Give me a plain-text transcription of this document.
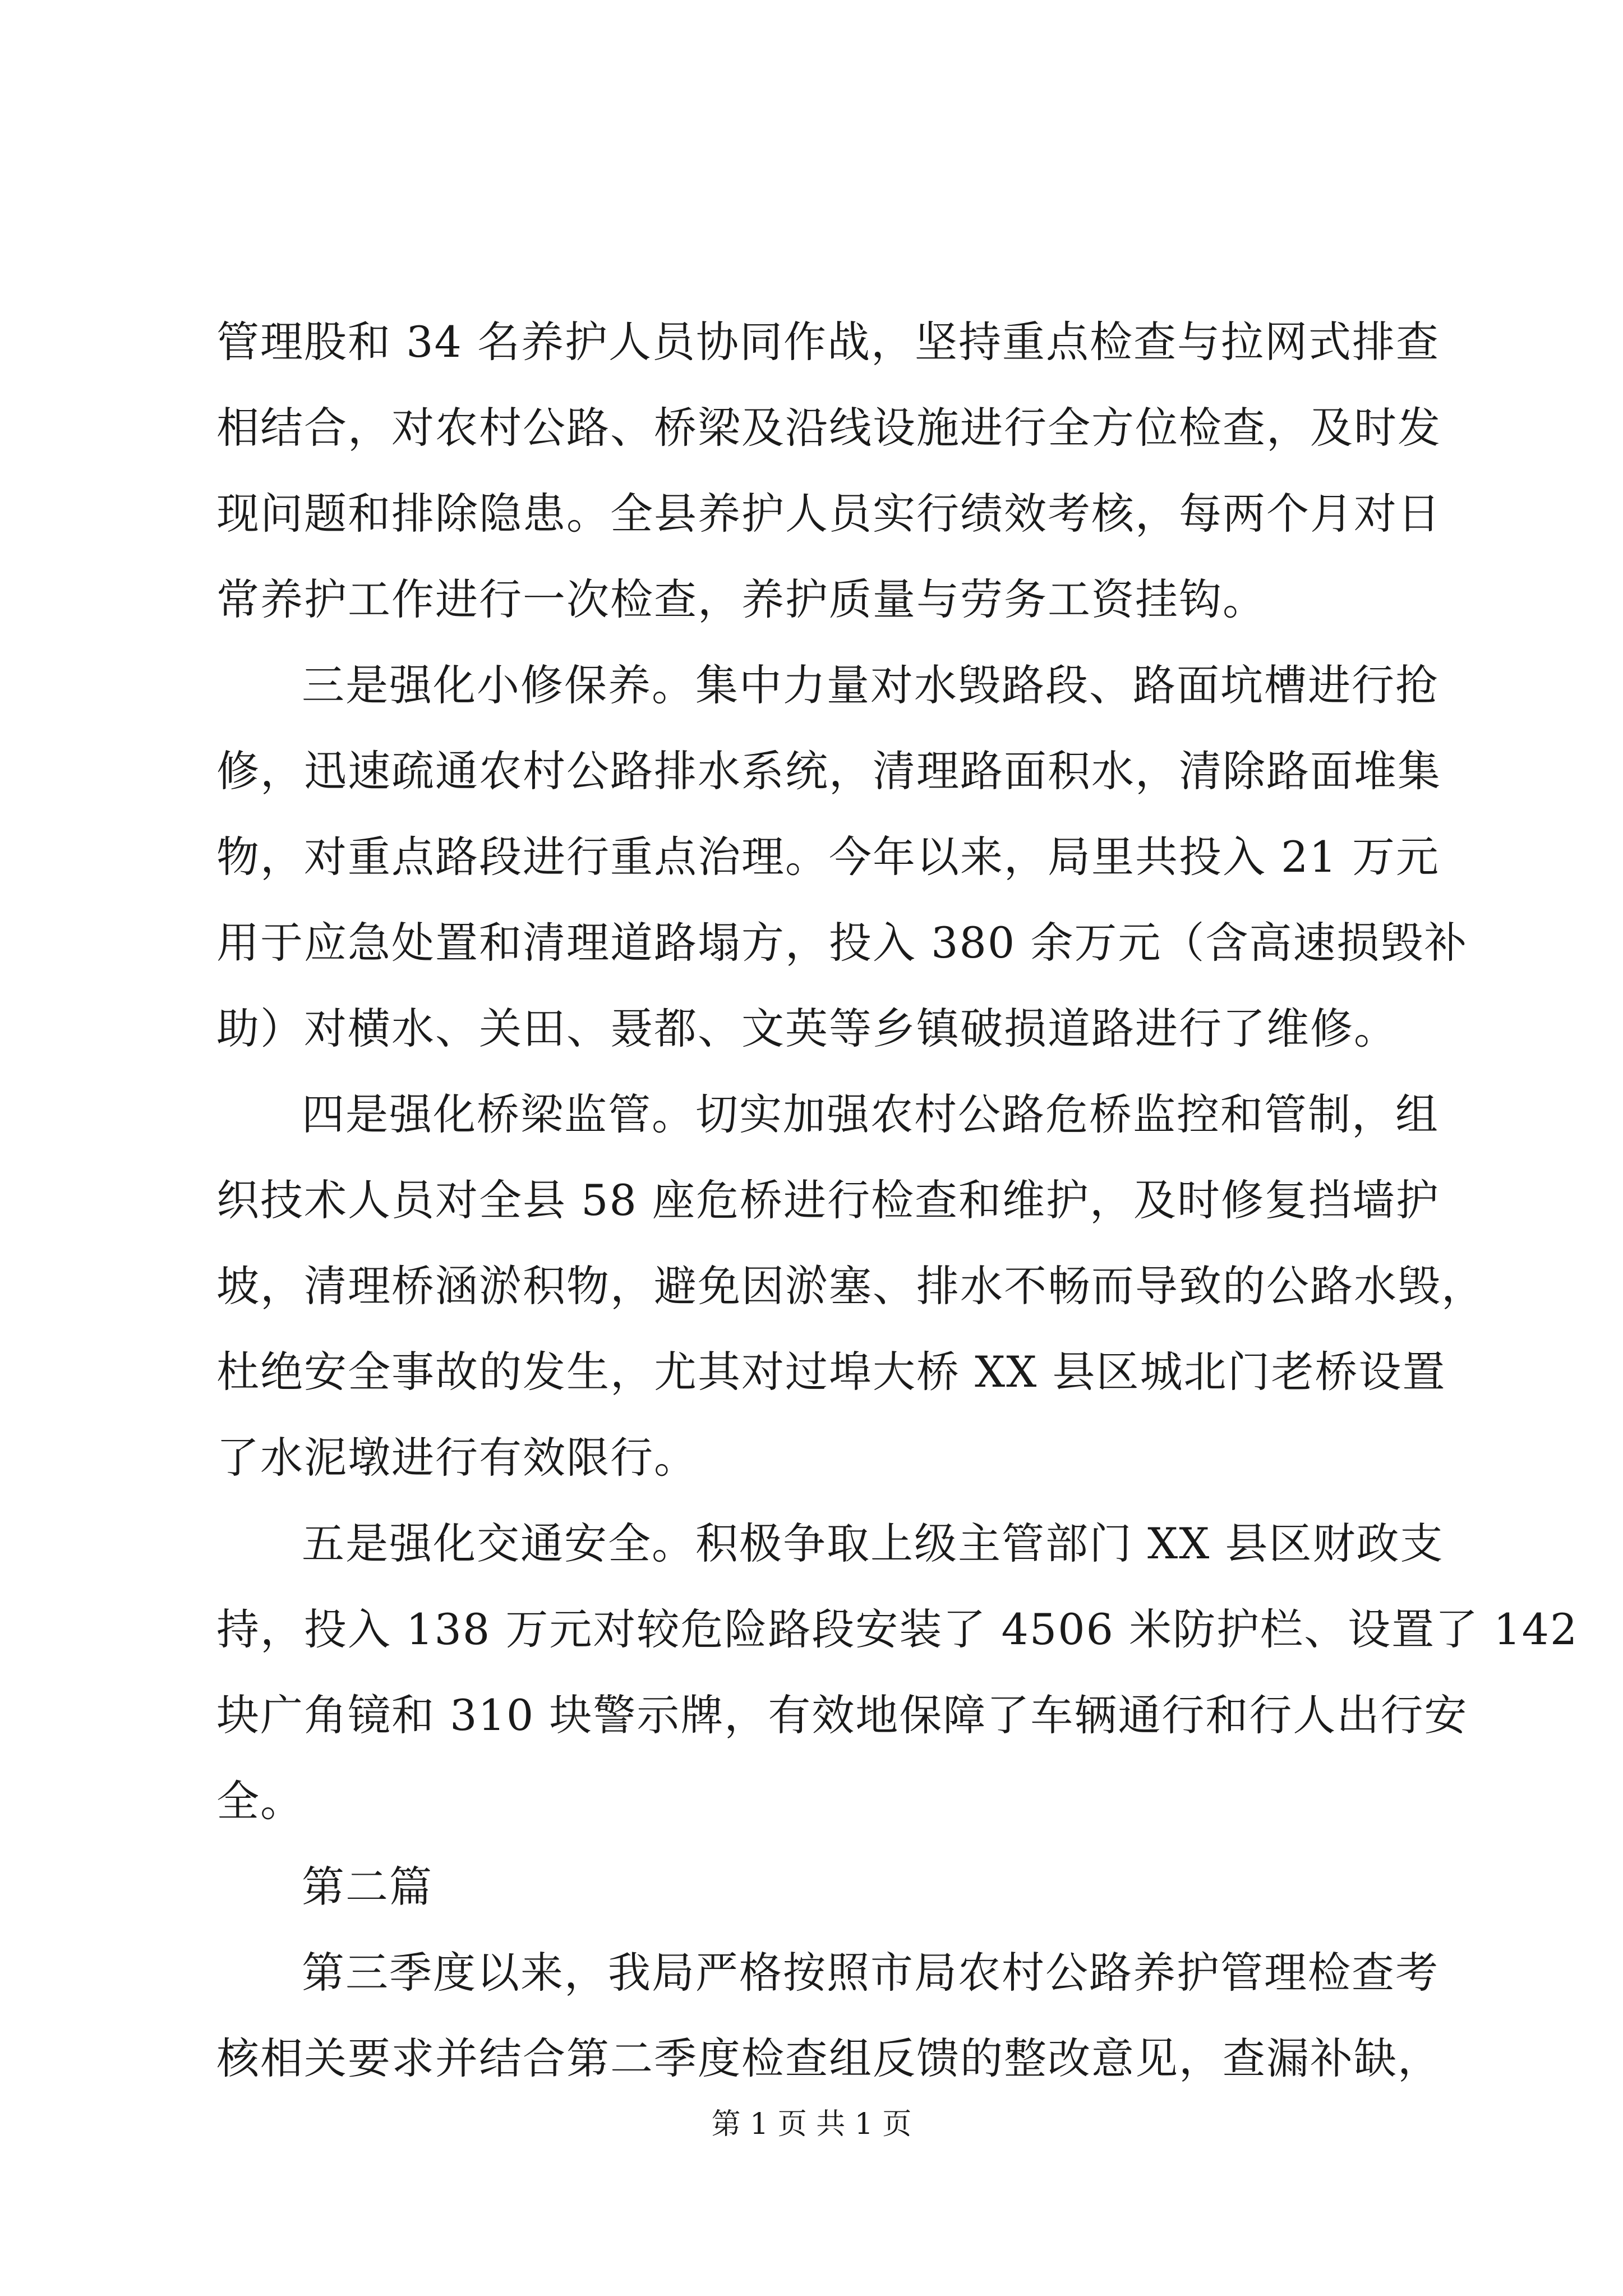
管理股和 34 名养护人员协同作战，坚持重点检查与拉网式排查
相结合，对农村公路、桥梁及沿线设施进行全方位检查，及时发
现问题和排除隐患。全县养护人员实行绩效考核，每两个月对日
常养护工作进行一次检查，养护质量与劳务工资挂钩。
三是强化小修保养。集中力量对水毁路段、路面坑槽进行抢
修，迅速疏通农村公路排水系统，清理路面积水，清除路面堆集
物，对重点路段进行重点治理。今年以来，局里共投入 21 万元
用于应急处置和清理道路塌方，投入 380 余万元（含高速损毁补
助）对横水、关田、聂都、文英等乡镇破损道路进行了维修。
四是强化桥梁监管。切实加强农村公路危桥监控和管制，组
织技术人员对全县 58 座危桥进行检查和维护，及时修复挡墙护
坡，清理桥涵淤积物，避免因淤塞、排水不畅而导致的公路水毁，
杜绝安全事故的发生，尤其对过埠大桥 XX 县区城北门老桥设置
了水泥墩进行有效限行。
五是强化交通安全。积极争取上级主管部门 XX 县区财政支
持，投入 138 万元对较危险路段安装了 4506 米防护栏、设置了 142
块广角镜和 310 块警示牌，有效地保障了车辆通行和行人出行安
全。
第二篇
第三季度以来，我局严格按照市局农村公路养护管理检查考
核相关要求并结合第二季度检查组反馈的整改意见，查漏补缺，
第 1 页 共 1 页
